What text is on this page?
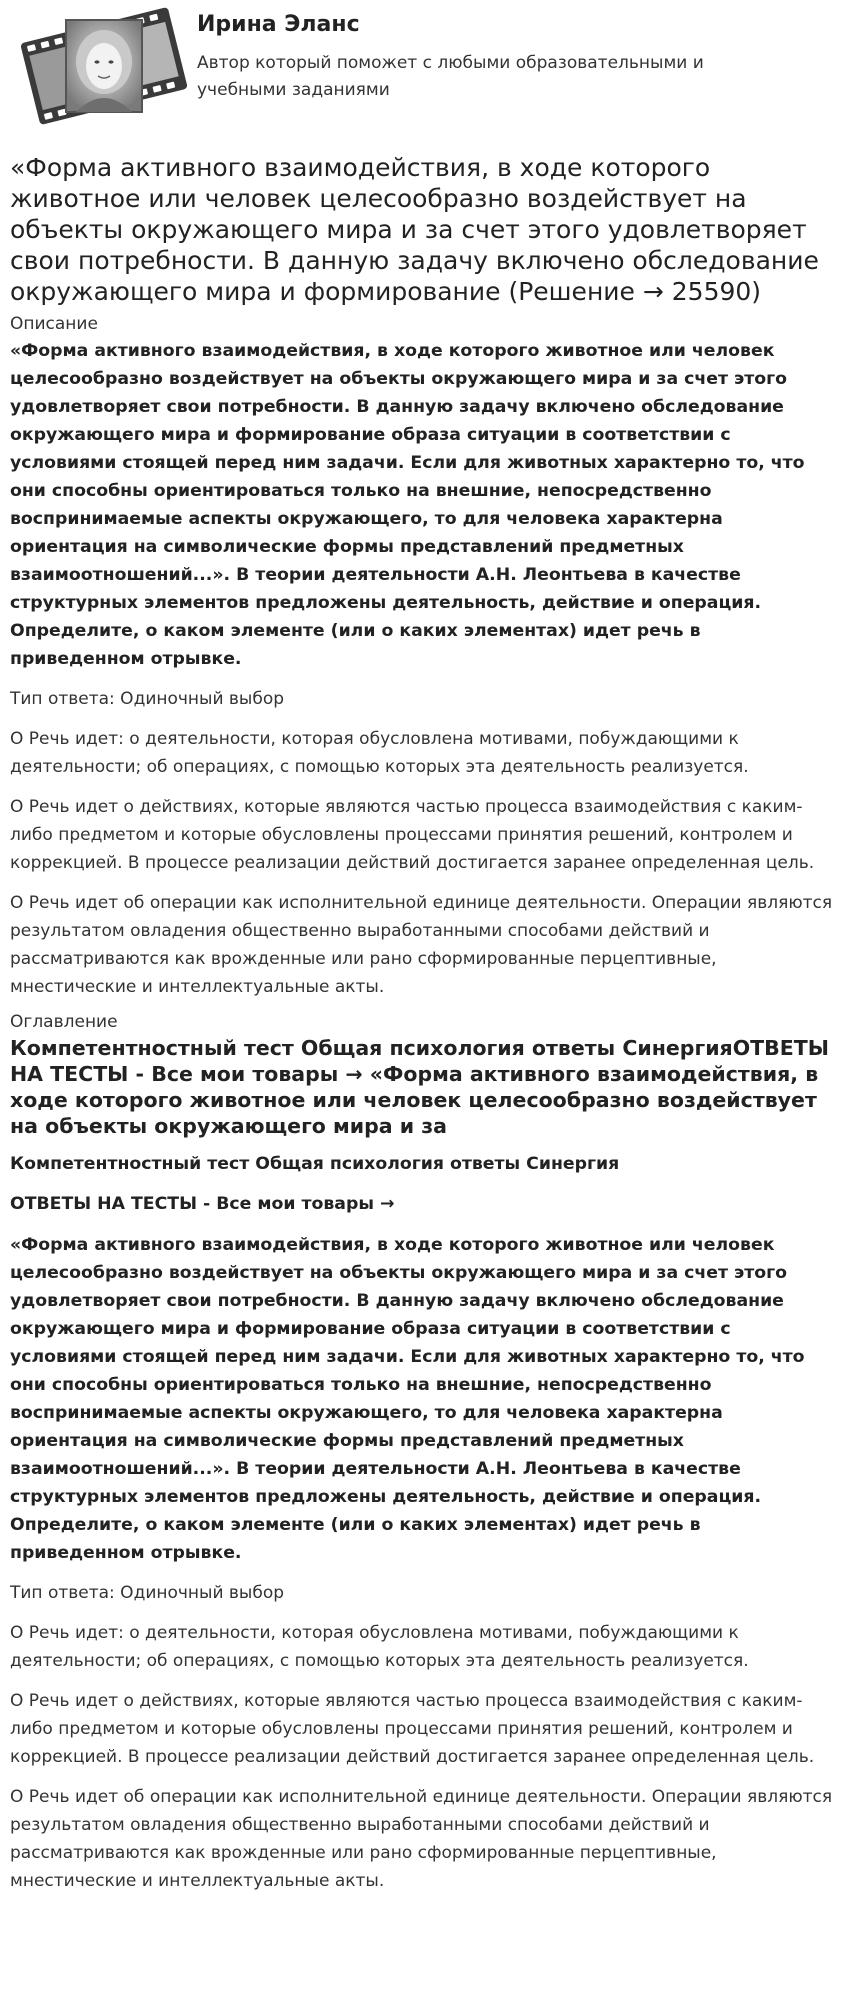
Ирина Эланс

Автор который поможет с любыми образовательными и учебными заданиями

«Форма активного взаимодействия, в ходе которого животное или человек целесообразно воздействует на объекты окружающего мира и за счет этого удовлетворяет свои потребности. В данную задачу включено обследование окружающего мира и формирование (Решение → 25590)
Описание

«Форма активного взаимодействия, в ходе которого животное или человек целесообразно воздействует на объекты окружающего мира и за счет этого удовлетворяет свои потребности. В данную задачу включено обследование окружающего мира и формирование образа ситуации в соответствии с условиями стоящей перед ним задачи. Если для животных характерно то, что они способны ориентироваться только на внешние, непосредственно воспринимаемые аспекты окружающего, то для человека характерна ориентация на символические формы представлений предметных взаимоотношений...». В теории деятельности А.Н. Леонтьева в качестве структурных элементов предложены деятельность, действие и операция. Определите, о каком элементе (или о каких элементах) идет речь в приведенном отрывке.

Тип ответа: Одиночный выбор

О Речь идет: о деятельности, которая обусловлена мотивами, побуждающими к деятельности; об операциях, с помощью которых эта деятельность реализуется.

О Речь идет о действиях, которые являются частью процесса взаимодействия с каким-либо предметом и которые обусловлены процессами принятия решений, контролем и коррекцией. В процессе реализации действий достигается заранее определенная цель.

О Речь идет об операции как исполнительной единице деятельности. Операции являются результатом овладения общественно выработанными способами действий и рассматриваются как врожденные или рано сформированные перцептивные, мнестические и интеллектуальные акты.

Оглавление
Компетентностный тест Общая психология ответы СинергияОТВЕТЫ НА ТЕСТЫ - Все мои товары → «Форма активного взаимодействия, в ходе которого животное или человек целесообразно воздействует на объекты окружающего мира и за

Компетентностный тест Общая психология ответы Синергия

ОТВЕТЫ НА ТЕСТЫ - Все мои товары →

«Форма активного взаимодействия, в ходе которого животное или человек целесообразно воздействует на объекты окружающего мира и за счет этого удовлетворяет свои потребности. В данную задачу включено обследование окружающего мира и формирование образа ситуации в соответствии с условиями стоящей перед ним задачи. Если для животных характерно то, что они способны ориентироваться только на внешние, непосредственно воспринимаемые аспекты окружающего, то для человека характерна ориентация на символические формы представлений предметных взаимоотношений...». В теории деятельности А.Н. Леонтьева в качестве структурных элементов предложены деятельность, действие и операция. Определите, о каком элементе (или о каких элементах) идет речь в приведенном отрывке.

Тип ответа: Одиночный выбор

О Речь идет: о деятельности, которая обусловлена мотивами, побуждающими к деятельности; об операциях, с помощью которых эта деятельность реализуется.

О Речь идет о действиях, которые являются частью процесса взаимодействия с каким-либо предметом и которые обусловлены процессами принятия решений, контролем и коррекцией. В процессе реализации действий достигается заранее определенная цель.

О Речь идет об операции как исполнительной единице деятельности. Операции являются результатом овладения общественно выработанными способами действий и рассматриваются как врожденные или рано сформированные перцептивные, мнестические и интеллектуальные акты.
